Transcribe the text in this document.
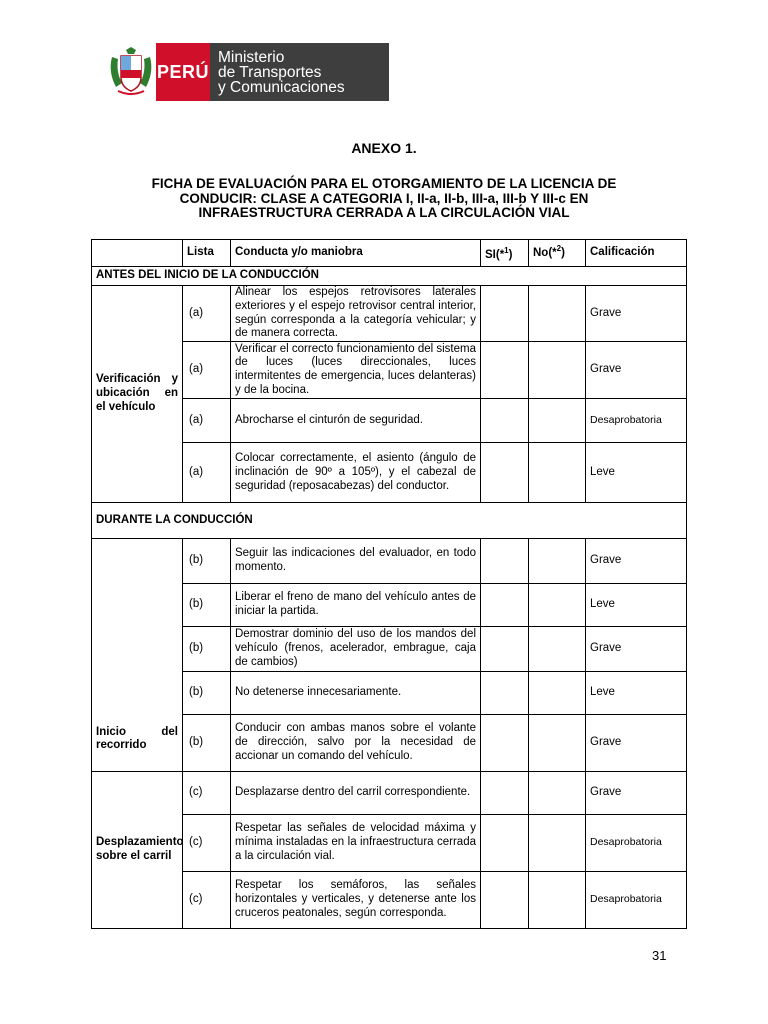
PERÚ
Ministerio
de Transportes
y Comunicaciones
ANEXO 1.
FICHA DE EVALUACIÓN PARA EL OTORGAMIENTO DE LA LICENCIA DE
CONDUCIR: CLASE A CATEGORIA I, II-a, II-b, III-a, III-b Y III-c EN
INFRAESTRUCTURA CERRADA A LA CIRCULACIÓN VIAL
	Lista	Conducta y/o maniobra	SI(*$^1$)	No(*$^2$)	Calificación
ANTES DEL INICIO DE LA CONDUCCIÓN					
Verificación y ubicación en el vehículo	(a)	Alinear los espejos retrovisores laterales exteriores y el espejo retrovisor central interior, según corresponda a la categoría vehicular; y de manera correcta.			Grave
	(a)	Verificar el correcto funcionamiento del sistema de luces (luces direccionales, luces intermitentes de emergencia, luces delanteras) y de la bocina.			Grave
	(a)	Abrocharse el cinturón de seguridad.			Desaprobatoria
	(a)	Colocar correctamente, el asiento (ángulo de inclinación de 90º a 105º), y el cabezal de seguridad (reposacabezas) del conductor.			Leve
DURANTE LA CONDUCCIÓN					
Inicio del recorrido	(b)	Seguir las indicaciones del evaluador, en todo momento.			Grave
	(b)	Liberar el freno de mano del vehículo antes de iniciar la partida.			Leve
	(b)	Demostrar dominio del uso de los mandos del vehículo (frenos, acelerador, embrague, caja de cambios)			Grave
	(b)	No detenerse innecesariamente.			Leve
	(b)	Conducir con ambas manos sobre el volante de dirección, salvo por la necesidad de accionar un comando del vehículo.			Grave
Desplazamiento sobre el carril	(c)	Desplazarse dentro del carril correspondiente.			Grave
	(c)	Respetar las señales de velocidad máxima y mínima instaladas en la infraestructura cerrada a la circulación vial.			Desaprobatoria
	(c)	Respetar los semáforos, las señales horizontales y verticales, y detenerse ante los cruceros peatonales, según corresponda.			Desaprobatoria
31
